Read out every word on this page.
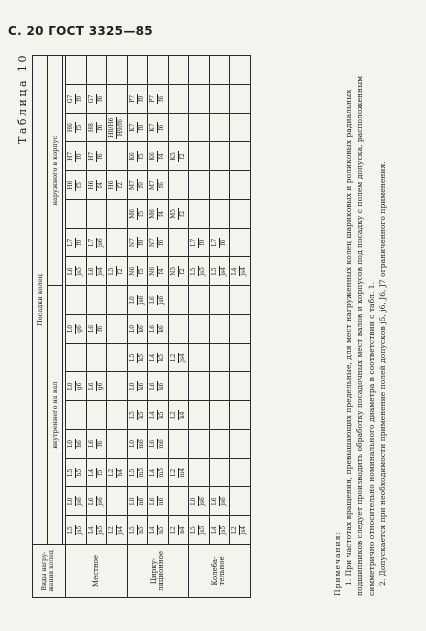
С. 20 ГОСТ 3325—85
Таблица 10
Виды нагру-жения колец	Посадки колец																
	внутреннего на вал									наружного в корпус							

Местное	L5 js5	L0 js6	L5 h5	L0 h6		L0 g6		L0 g6		L6 js5	L7 f0		H6 f5	H7 f0	H6 f5	G7 f0	

	L4 js5	L6 js6	L4 f5	L6 f6		L6 g6		L6 f6		L6 js4	L7 js6		H6 f4	H7 f6	H8 f6	G7 f6	

	L2 js4		L2 h4							L5 f2			H6 f2		H8/H6 H9/f6		

Цирку-ляционное	L5 n5	L0 n6	L5 m5	L0 m6	L5 k5	L0 k6	L5 k5	L0 k6	L0 js6	N6 f5	N7 f0	M6 f5	M7 f0	K6 f5	K7 f0	P7 f0	

	L4 n5	L6 n6	L4 m5	L6 m6	L4 k5	L6 k6	L4 k5	L6 k6	L6 js6	N6 f4	N7 f6	M6 f4	M7 f6	K6 f4	K7 f6	P7 f6	

	L2 n4		L2 m4		L2 k4		L2 js4			N5 f2		M5 f2		K5 f2			

Колеба-тельное	L5 js5	L0 js6								L5 js5	L7 f0						

	L4 js5	L6 js6								L5 js4	L7 f6						

	L2 js4									L4 js4							

Примечания: 1. При частотах вращения, превышающих предельные, для мест нагруженных колец шариковых и роликовых радиальных подшипников следует производить обработку посадочных мест валов и корпусов под посадку с полем допуска, расположенным симметрично относительно номинального диаметра в соответствии с табл. 1. 2. Допускается при необходимости применение полей допусков j5, j6, J6, J7 ограниченного применения.
